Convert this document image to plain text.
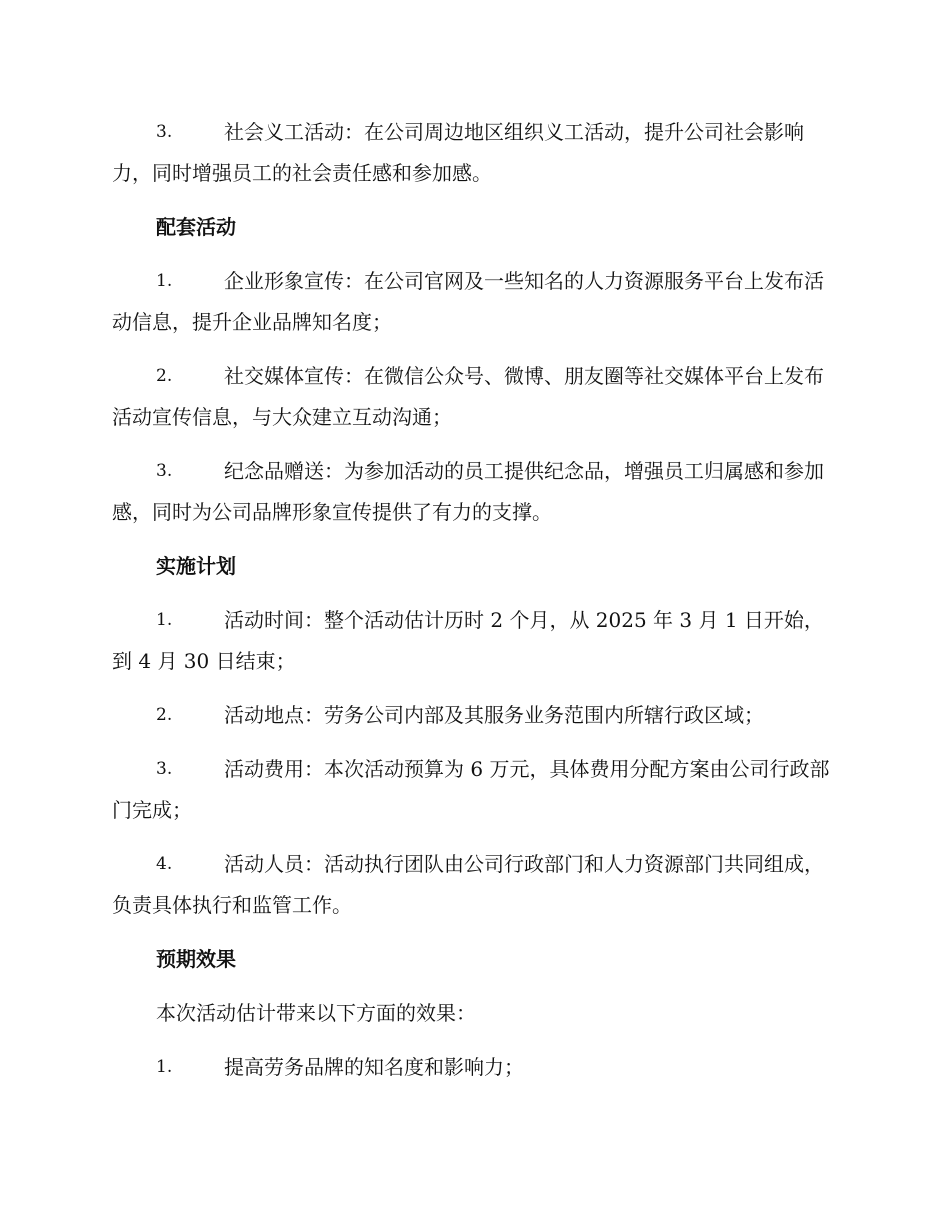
3.	社会义工活动：在公司周边地区组织义工活动，提升公司社会影响力，同时增强员工的社会责任感和参加感。
配套活动
1.	企业形象宣传：在公司官网及一些知名的人力资源服务平台上发布活动信息，提升企业品牌知名度；
2.	社交媒体宣传：在微信公众号、微博、朋友圈等社交媒体平台上发布活动宣传信息，与大众建立互动沟通；
3.	纪念品赠送：为参加活动的员工提供纪念品，增强员工归属感和参加感，同时为公司品牌形象宣传提供了有力的支撑。
实施计划
1.	活动时间：整个活动估计历时 2 个月，从 2025 年 3 月 1 日开始，到 4 月 30 日结束；
2.	活动地点：劳务公司内部及其服务业务范围内所辖行政区域；
3.	活动费用：本次活动预算为 6 万元，具体费用分配方案由公司行政部门完成；
4.	活动人员：活动执行团队由公司行政部门和人力资源部门共同组成，负责具体执行和监管工作。
预期效果
本次活动估计带来以下方面的效果：
1.	提高劳务品牌的知名度和影响力；
